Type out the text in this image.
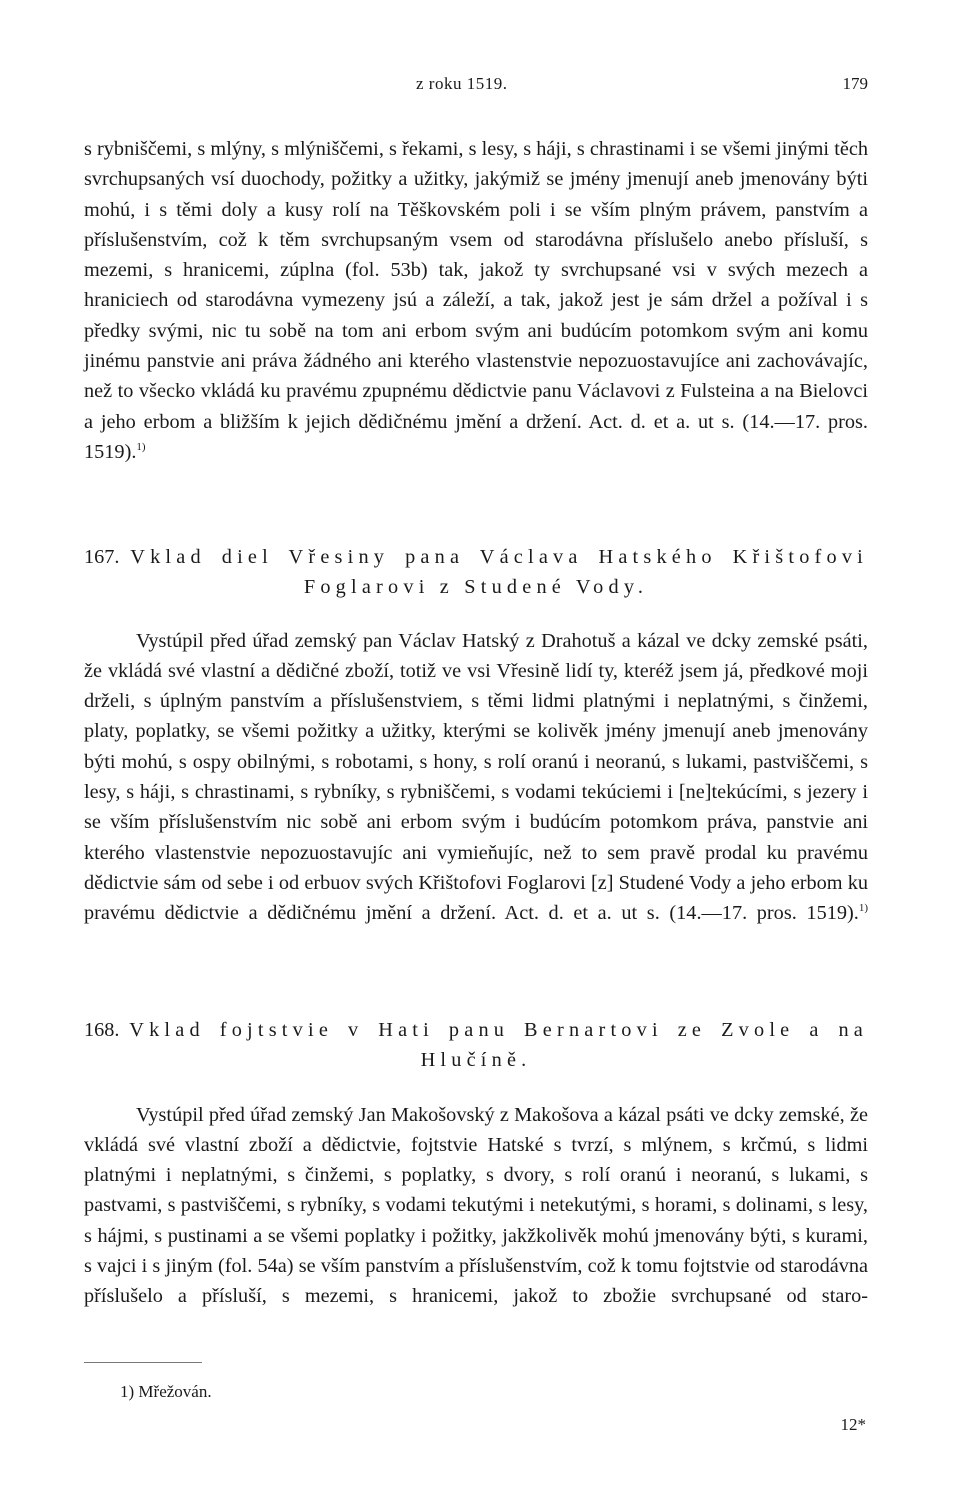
z roku 1519.	179

s rybniščemi, s mlýny, s mlýniščemi, s řekami, s lesy, s háji, s chrastinami i se všemi jinými těch svrchupsaných vsí duochody, požitky a užitky, jakýmiž se jmény jmenují aneb jmenovány býti mohú, i s těmi doly a kusy rolí na Těškovském poli i se vším plným právem, panstvím a příslušenstvím, což k těm svrchupsaným vsem od starodávna příslušelo anebo přísluší, s mezemi, s hranicemi, zúplna (fol. 53b) tak, jakož ty svrchupsané vsi v svých mezech a hraniciech od starodávna vymezeny jsú a záleží, a tak, jakož jest je sám držel a požíval i s předky svými, nic tu sobě na tom ani erbom svým ani budúcím potomkom svým ani komu jinému panstvie ani práva žádného ani kterého vlastenstvie nepozuostavujíce ani zachovávajíc, než to všecko vkládá ku pravému zpupnému dědictvie panu Václavovi z Fulsteina a na Bielovci a jeho erbom a bližším k jejich dědičnému jmění a držení. Act. d. et a. ut s. (14.—17. pros. 1519).$^{1)}$

167. Vklad diel Vřesiny pana Václava Hatského Křištofovi Foglarovi z Studené Vody.

Vystúpil před úřad zemský pan Václav Hatský z Drahotuš a kázal ve dcky zemské psáti, že vkládá své vlastní a dědičné zboží, totiž ve vsi Vřesině lidí ty, kteréž jsem já, předkové moji drželi, s úplným panstvím a příslušenstviem, s těmi lidmi platnými i neplatnými, s činžemi, platy, poplatky, se všemi požitky a užitky, kterými se kolivěk jmény jmenují aneb jmenovány býti mohú, s ospy obilnými, s robotami, s hony, s rolí oranú i neoranú, s lukami, pastviščemi, s lesy, s háji, s chrastinami, s rybníky, s rybniščemi, s vodami tekúciemi i [ne]tekúcími, s jezery i se vším příslušenstvím nic sobě ani erbom svým i budúcím potomkom práva, panstvie ani kterého vlastenstvie nepozuostavujíc ani vymieňujíc, než to sem pravě prodal ku pravému dědictvie sám od sebe i od erbuov svých Křištofovi Foglarovi [z] Studené Vody a jeho erbom ku pravému dědictvie a dědičnému jmění a držení. Act. d. et a. ut s. (14.—17. pros. 1519).$^{1)}$

168. Vklad fojtstvie v Hati panu Bernartovi ze Zvole a na Hlučíně.

Vystúpil před úřad zemský Jan Makošovský z Makošova a kázal psáti ve dcky zemské, že vkládá své vlastní zboží a dědictvie, fojtstvie Hatské s tvrzí, s mlýnem, s krčmú, s lidmi platnými i neplatnými, s činžemi, s poplatky, s dvory, s rolí oranú i neoranú, s lukami, s pastvami, s pastviščemi, s rybníky, s vodami tekutými i netekutými, s horami, s dolinami, s lesy, s hájmi, s pustinami a se všemi poplatky i požitky, jakžkolivěk mohú jmenovány býti, s kurami, s vajci i s jiným (fol. 54a) se vším panstvím a příslušenstvím, což k tomu fojtstvie od starodávna příslušelo a přísluší, s mezemi, s hranicemi, jakož to zbožie svrchupsané od staro-

1) Mřežován.
12*
